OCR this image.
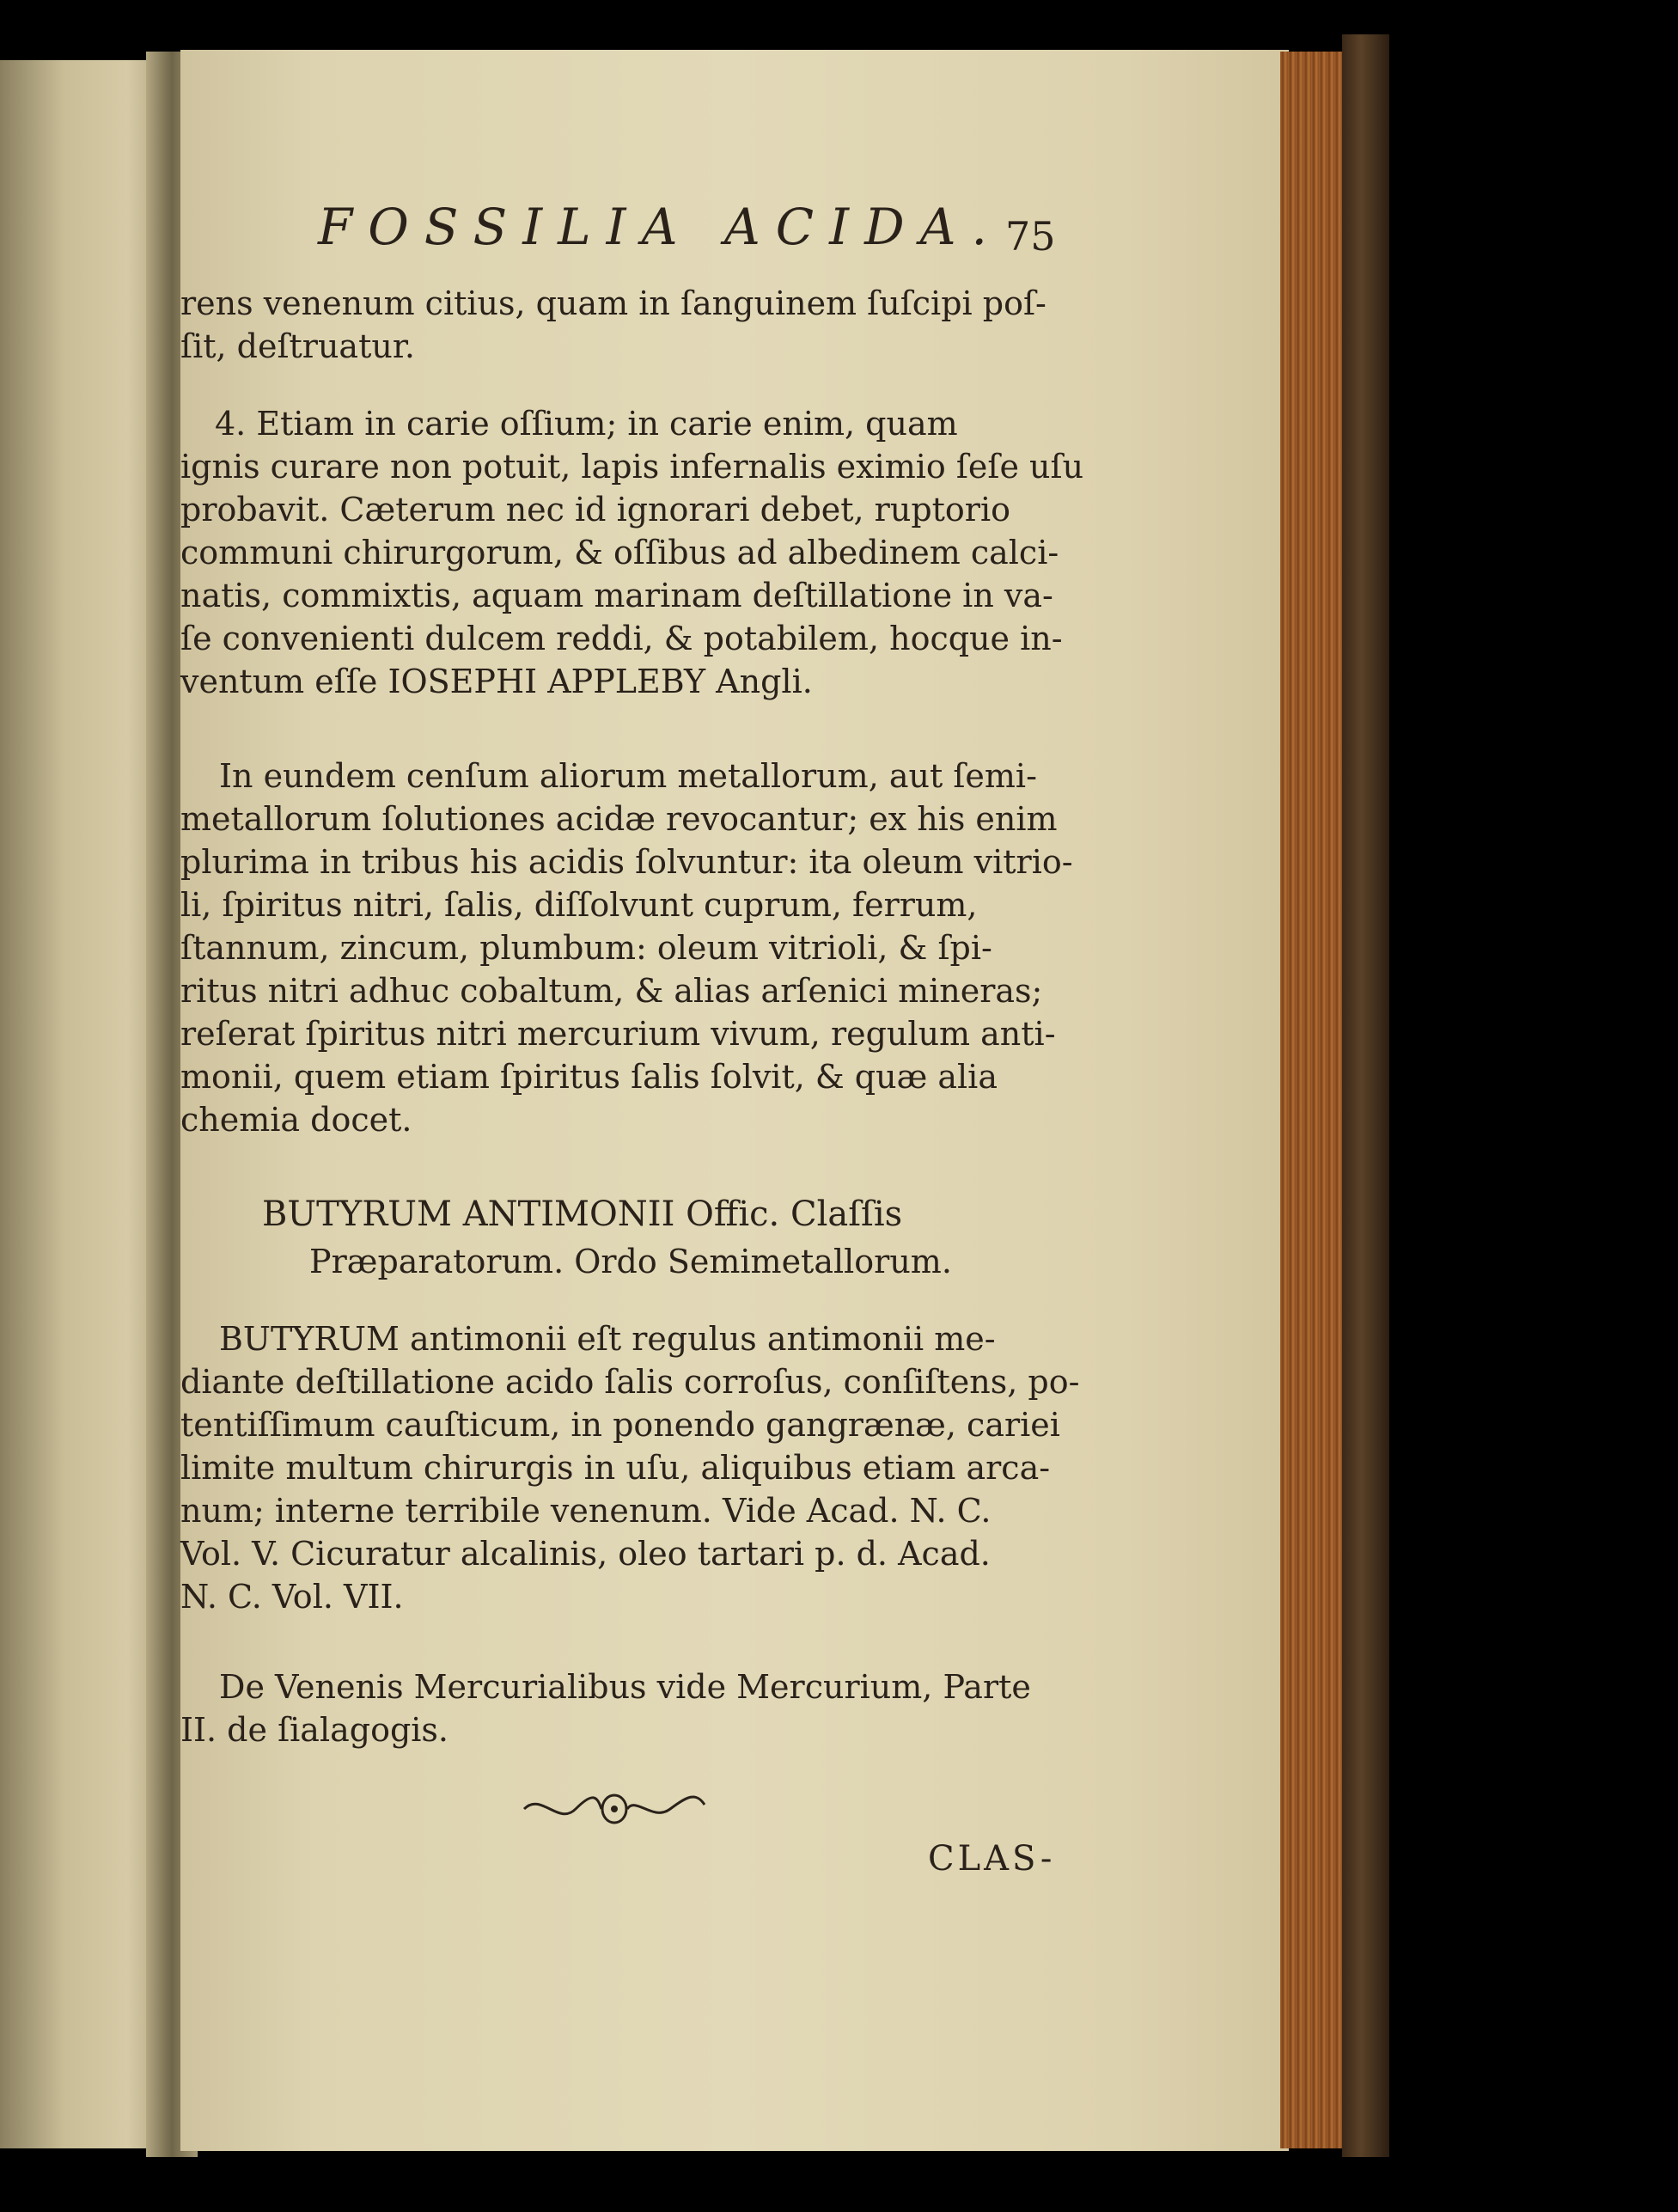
FOSSILIA ACIDA. 75
rens venenum citius, quam in ſanguinem ſuſcipi poſ-
ſit, deſtruatur.
4. Etiam in carie oſſium; in carie enim, quam
ignis curare non potuit, lapis infernalis eximio ſeſe uſu
probavit. Cæterum nec id ignorari debet, ruptorio
communi chirurgorum, & oſſibus ad albedinem calci-
natis, commixtis, aquam marinam deſtillatione in va-
ſe convenienti dulcem reddi, & potabilem, hocque in-
ventum eſſe IOSEPHI APPLEBY Angli.
In eundem cenſum aliorum metallorum, aut ſemi-
metallorum ſolutiones acidæ revocantur; ex his enim
plurima in tribus his acidis ſolvuntur: ita oleum vitrio-
li, ſpiritus nitri, ſalis, diſſolvunt cuprum, ferrum,
ſtannum, zincum, plumbum: oleum vitrioli, & ſpi-
ritus nitri adhuc cobaltum, & alias arſenici mineras;
reſerat ſpiritus nitri mercurium vivum, regulum anti-
monii, quem etiam ſpiritus ſalis ſolvit, & quæ alia
chemia docet.
BUTYRUM ANTIMONII Offic. Claſſis
Præparatorum. Ordo Semimetallorum.
BUTYRUM antimonii eſt regulus antimonii me-
diante deſtillatione acido ſalis corroſus, conſiſtens, po-
tentiſſimum cauſticum, in ponendo gangrænæ, cariei
limite multum chirurgis in uſu, aliquibus etiam arca-
num; interne terribile venenum. Vide Acad. N. C.
Vol. V. Cicuratur alcalinis, oleo tartari p. d. Acad.
N. C. Vol. VII.
De Venenis Mercurialibus vide Mercurium, Parte
II. de ſialagogis.
CLAS-
